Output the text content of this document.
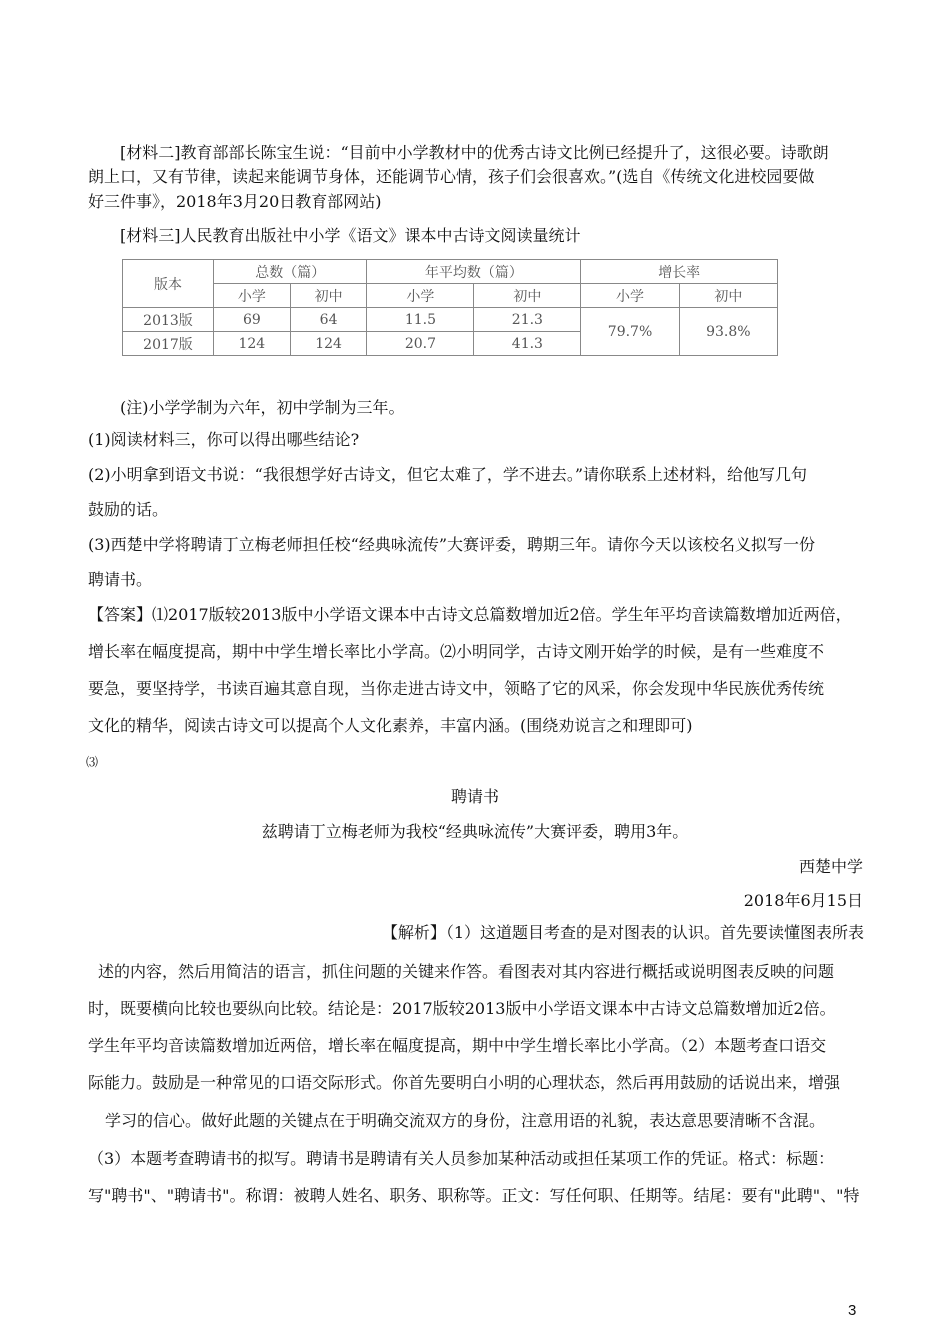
[材料二]教育部部长陈宝生说：“目前中小学教材中的优秀古诗文比例已经提升了，这很必要。诗歌朗
朗上口，又有节律，读起来能调节身体，还能调节心情，孩子们会很喜欢。”(选自《传统文化进校园要做
好三件事》，2018年3月20日教育部网站)
[材料三]人民教育出版社中小学《语文》课本中古诗文阅读量统计
版本	总数（篇）		年平均数（篇）		增长率	
	小学	初中	小学	初中	小学	初中
2013版	69	64	11.5	21.3	79.7%	93.8%
2017版	124	124	20.7	41.3		
(注)小学学制为六年，初中学制为三年。
(1)阅读材料三，你可以得出哪些结论?
(2)小明拿到语文书说：“我很想学好古诗文，但它太难了，学不进去。”请你联系上述材料，给他写几句
鼓励的话。
(3)西楚中学将聘请丁立梅老师担任校“经典咏流传”大赛评委，聘期三年。请你今天以该校名义拟写一份
聘请书。
【答案】⑴2017版较2013版中小学语文课本中古诗文总篇数增加近2倍。学生年平均音读篇数增加近两倍，
增长率在幅度提高，期中中学生增长率比小学高。⑵小明同学，古诗文刚开始学的时候，是有一些难度不
要急，要坚持学，书读百遍其意自现，当你走进古诗文中，领略了它的风采，你会发现中华民族优秀传统
文化的精华，阅读古诗文可以提高个人文化素养，丰富内涵。(围绕劝说言之和理即可)
⑶
聘请书
兹聘请丁立梅老师为我校“经典咏流传”大赛评委，聘用3年。
西楚中学
2018年6月15日
【解析】（1）这道题目考查的是对图表的认识。首先要读懂图表所表
述的内容，然后用简洁的语言，抓住问题的关键来作答。看图表对其内容进行概括或说明图表反映的问题
时，既要横向比较也要纵向比较。结论是：2017版较2013版中小学语文课本中古诗文总篇数增加近2倍。
学生年平均音读篇数增加近两倍，增长率在幅度提高，期中中学生增长率比小学高。（2）本题考查口语交
际能力。鼓励是一种常见的口语交际形式。你首先要明白小明的心理状态，然后再用鼓励的话说出来，增强
学习的信心。做好此题的关键点在于明确交流双方的身份，注意用语的礼貌，表达意思要清晰不含混。
（3）本题考查聘请书的拟写。聘请书是聘请有关人员参加某种活动或担任某项工作的凭证。格式：标题：
写"聘书"、"聘请书"。称谓：被聘人姓名、职务、职称等。正文：写任何职、任期等。结尾：要有"此聘"、"特
3
